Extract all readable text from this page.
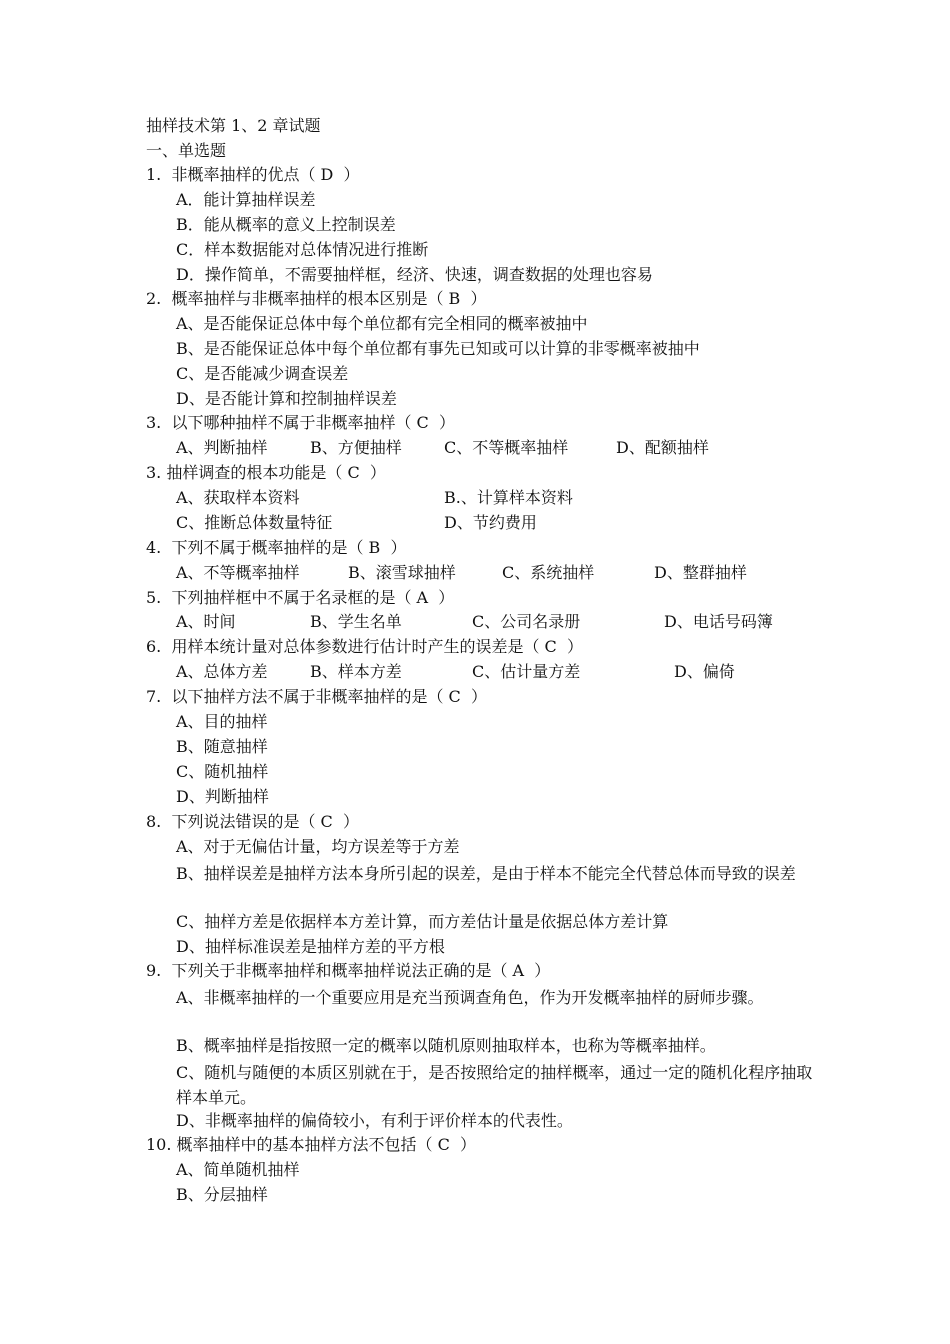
抽样技术第 1、2 章试题
一、单选题
1.  非概率抽样的优点（ D  ）
A．能计算抽样误差
B．能从概率的意义上控制误差
C．样本数据能对总体情况进行推断
D．操作简单，不需要抽样框，经济、快速，调查数据的处理也容易
2.  概率抽样与非概率抽样的根本区别是（ B  ）
A、是否能保证总体中每个单位都有完全相同的概率被抽中
B、是否能保证总体中每个单位都有事先已知或可以计算的非零概率被抽中
C、是否能减少调查误差
D、是否能计算和控制抽样误差
3.  以下哪种抽样不属于非概率抽样（ C  ）
A、判断抽样	B、方便抽样	C、不等概率抽样	D、配额抽样
3. 抽样调查的根本功能是（ C  ）
A、获取样本资料	B.、计算样本资料
C、推断总体数量特征	D、节约费用
4.  下列不属于概率抽样的是（ B  ）
A、不等概率抽样	B、滚雪球抽样	C、系统抽样	D、整群抽样
5.  下列抽样框中不属于名录框的是（ A  ）
A、时间	B、学生名单	C、公司名录册	D、电话号码簿
6.  用样本统计量对总体参数进行估计时产生的误差是（ C  ）
A、总体方差	B、样本方差	C、估计量方差	D、偏倚
7.  以下抽样方法不属于非概率抽样的是（ C  ）
A、目的抽样
B、随意抽样
C、随机抽样
D、判断抽样
8.  下列说法错误的是（ C  ）
A、对于无偏估计量，均方误差等于方差
B、抽样误差是抽样方法本身所引起的误差，是由于样本不能完全代替总体而导致的误差
C、抽样方差是依据样本方差计算，而方差估计量是依据总体方差计算
D、抽样标准误差是抽样方差的平方根
9.  下列关于非概率抽样和概率抽样说法正确的是（ A  ）
A、非概率抽样的一个重要应用是充当预调查角色，作为开发概率抽样的厨师步骤。
B、概率抽样是指按照一定的概率以随机原则抽取样本，也称为等概率抽样。
C、随机与随便的本质区别就在于，是否按照给定的抽样概率，通过一定的随机化程序抽取样本单元。
D、非概率抽样的偏倚较小，有利于评价样本的代表性。
10. 概率抽样中的基本抽样方法不包括（ C  ）
A、简单随机抽样
B、分层抽样
